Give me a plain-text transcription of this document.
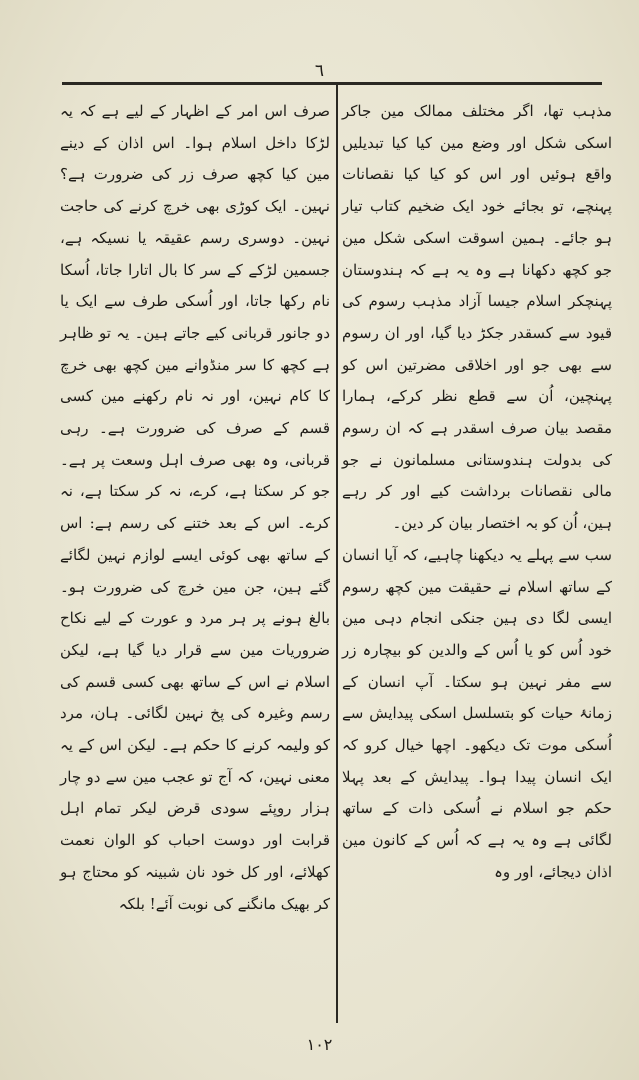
٦

مذہب تھا، اگر مختلف ممالک مین جاکر اسکی شکل اور وضع مین کیا کیا تبدیلیں واقع ہوئیں اور اس کو کیا کیا نقصانات پہنچے، تو بجائے خود ایک ضخیم کتاب تیار ہو جائے۔ ہمین اسوقت اسکی شکل مین جو کچھ دکھانا ہے وہ یہ ہے کہ ہندوستان پہنچکر اسلام جیسا آزاد مذہب رسوم کی قیود سے کسقدر جکڑ دیا گیا، اور ان رسوم سے بھی جو اور اخلاقی مضرتین اس کو پہنچین، اُن سے قطع نظر کرکے، ہمارا مقصد بیان صرف اسقدر ہے کہ ان رسوم کی بدولت ہندوستانی مسلمانون نے جو مالی نقصانات برداشت کیے اور کر رہے ہین، اُن کو بہ اختصار بیان کر دین۔

سب سے پہلے یہ دیکھنا چاہیے، کہ آیا انسان کے ساتھ اسلام نے حقیقت مین کچھ رسوم ایسی لگا دی ہین جنکی انجام دہی مین خود اُس کو یا اُس کے والدین کو بیچارہ زر سے مفر نہین ہو سکتا۔ آپ انسان کے زمانۂ حیات کو بتسلسل اسکی پیدایش سے اُسکی موت تک دیکھو۔ اچھا خیال کرو کہ ایک انسان پیدا ہوا۔ پیدایش کے بعد پہلا حکم جو اسلام نے اُسکی ذات کے ساتھ لگائی ہے وہ یہ ہے کہ اُس کے کانون مین اذان دیجائے، اور وہ

صرف اس امر کے اظہار کے لیے ہے کہ یہ لڑکا داخل اسلام ہوا۔ اس اذان کے دینے مین کیا کچھ صرف زر کی ضرورت ہے؟ نہین۔ ایک کوڑی بھی خرچ کرنے کی حاجت نہین۔ دوسری رسم عقیقہ یا نسیکہ ہے، جسمین لڑکے کے سر کا بال اتارا جاتا، اُسکا نام رکھا جاتا، اور اُسکی طرف سے ایک یا دو جانور قربانی کیے جاتے ہین۔ یہ تو ظاہر ہے کچھ کا سر منڈوانے مین کچھ بھی خرچ کا کام نہین، اور نہ نام رکھنے مین کسی قسم کے صرف کی ضرورت ہے۔ رہی قربانی، وہ بھی صرف اہل وسعت پر ہے۔ جو کر سکتا ہے، کرے، نہ کر سکتا ہے، نہ کرے۔ اس کے بعد ختنے کی رسم ہے: اس کے ساتھ بھی کوئی ایسے لوازم نہین لگائے گئے ہین، جن مین خرچ کی ضرورت ہو۔ بالغ ہونے پر ہر مرد و عورت کے لیے نکاح ضروریات مین سے قرار دیا گیا ہے، لیکن اسلام نے اس کے ساتھ بھی کسی قسم کی رسم وغیرہ کی پخ نہین لگائی۔ ہان، مرد کو ولیمہ کرنے کا حکم ہے۔ لیکن اس کے یہ معنی نہین، کہ آج تو عجب مین سے دو چار ہزار روپئے سودی قرض لیکر تمام اہل قرابت اور دوست احباب کو الوان نعمت کھلائے، اور کل خود نان شبینہ کو محتاج ہو کر بھیک مانگنے کی نوبت آئے! بلکہ

١٠٢
